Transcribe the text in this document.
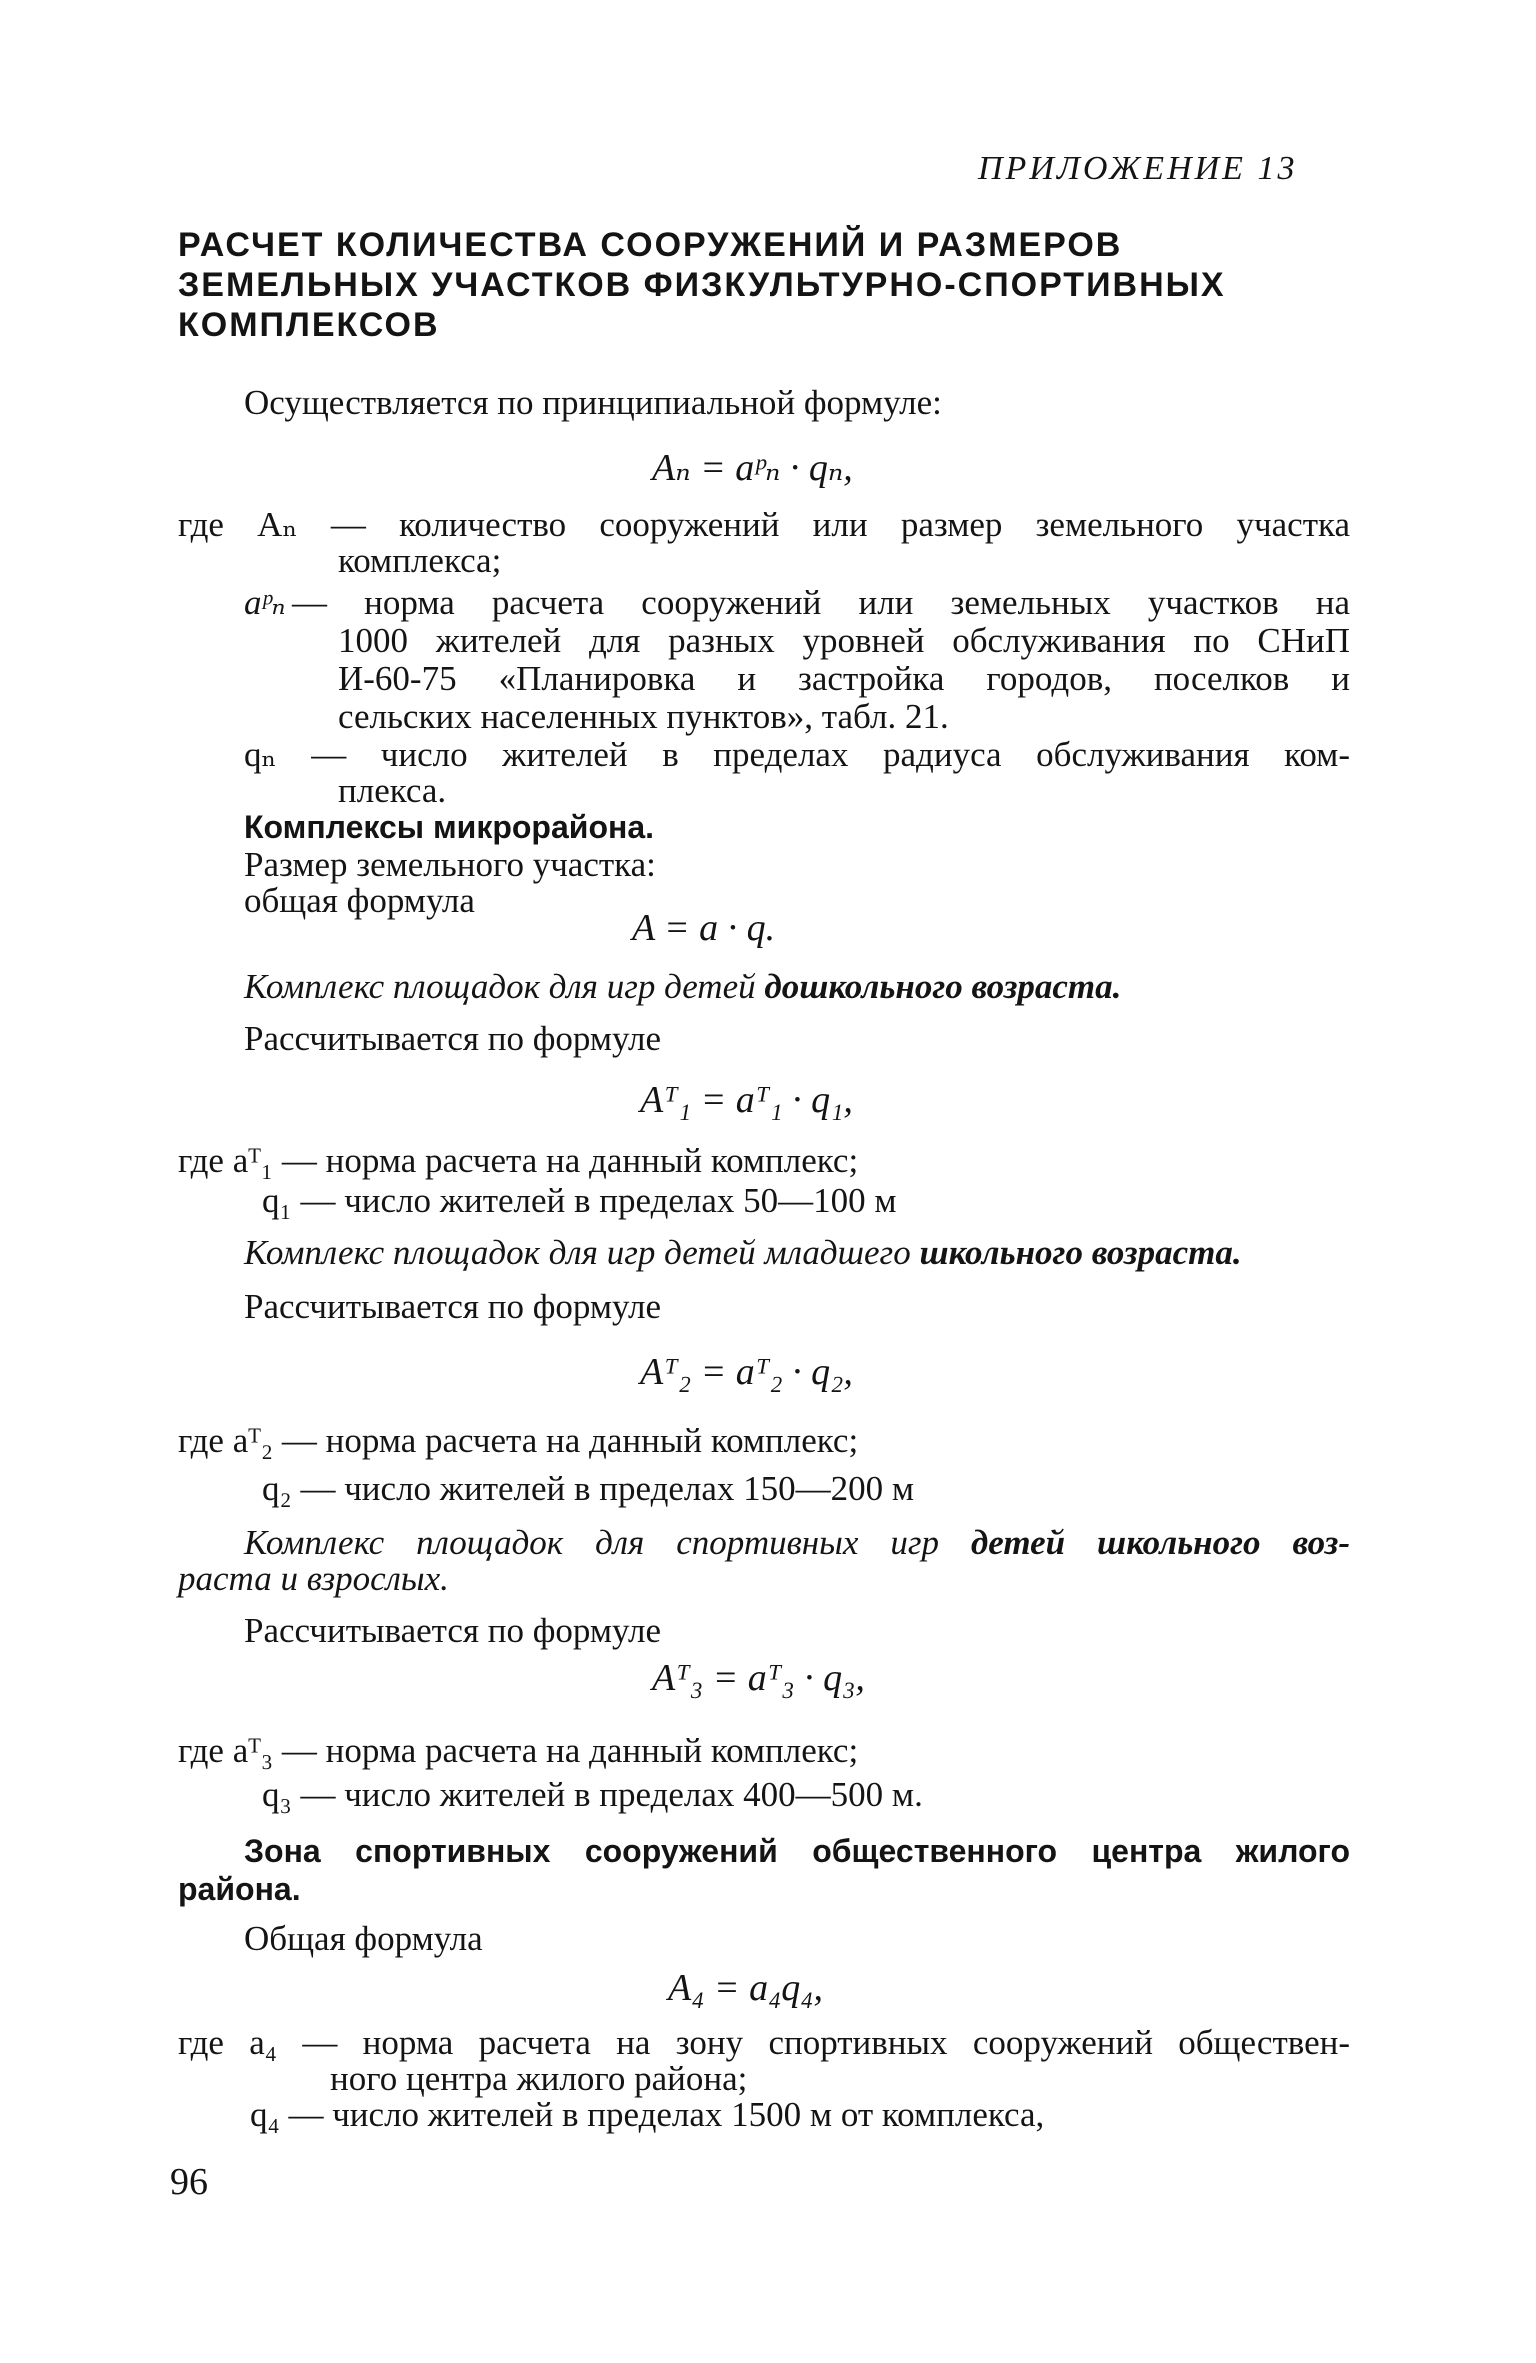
ПРИЛОЖЕНИЕ 13
РАСЧЕТ КОЛИЧЕСТВА СООРУЖЕНИЙ И РАЗМЕРОВ
ЗЕМЕЛЬНЫХ УЧАСТКОВ ФИЗКУЛЬТУРНО-СПОРТИВНЫХ
КОМПЛЕКСОВ
Осуществляется по принципиальной формуле:
Aₙ = aᵖₙ · qₙ,
где Aₙ — количество сооружений или размер земельного участка
комплекса;
aᵖₙ — норма расчета сооружений или земельных участков на
1000 жителей для разных уровней обслуживания по СНиП
И-60-75 «Планировка и застройка городов, поселков и
сельских населенных пунктов», табл. 21.
qₙ — число жителей в пределах радиуса обслуживания ком-
плекса.
Комплексы микрорайона.
Размер земельного участка:
общая формула
A = a · q.
Комплекс площадок для игр детей дошкольного возраста.
Рассчитывается по формуле
Aᵀ₁ = aᵀ₁ · q₁,
где aᵀ₁ — норма расчета на данный комплекс;
q₁ — число жителей в пределах 50—100 м
Комплекс площадок для игр детей младшего школьного возраста.
Рассчитывается по формуле
Aᵀ₂ = aᵀ₂ · q₂,
где aᵀ₂ — норма расчета на данный комплекс;
q₂ — число жителей в пределах 150—200 м
Комплекс площадок для спортивных игр детей школьного воз-
раста и взрослых.
Рассчитывается по формуле
Aᵀ₃ = aᵀ₃ · q₃,
где aᵀ₃ — норма расчета на данный комплекс;
q₃ — число жителей в пределах 400—500 м.
Зона спортивных сооружений общественного центра жилого
района.
Общая формула
A₄ = a₄q₄,
где a₄ — норма расчета на зону спортивных сооружений обществен-
ного центра жилого района;
q₄ — число жителей в пределах 1500 м от комплекса,
96
